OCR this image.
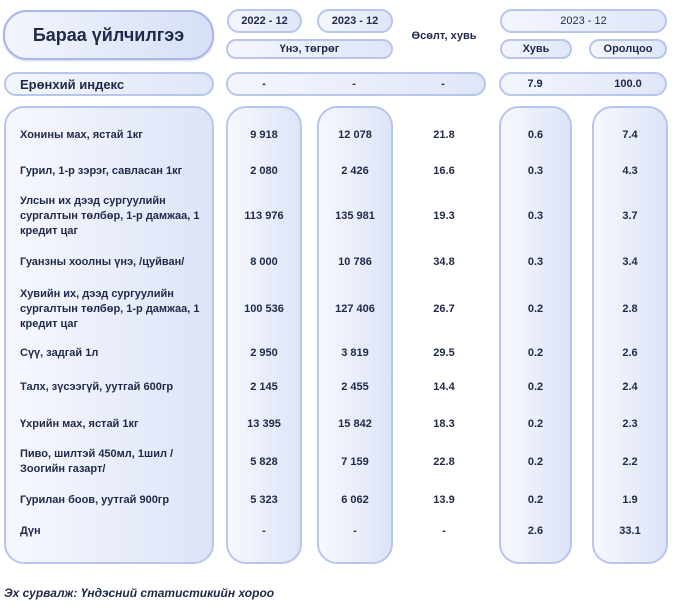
Бараа үйлчилгээ
2022 - 12	2023 - 12
Үнэ, төгрөг
Өсөлт, хувь
2023 - 12
Хувь	Оролцоо
Ерөнхий индекс	-	-	-	7.9	100.0
Хонины мах, ястай 1кг	9 918	12 078	21.8	0.6	7.4
Гурил, 1-р зэрэг, савласан 1кг	2 080	2 426	16.6	0.3	4.3
Улсын их дээд сургуулийн сургалтын төлбөр, 1-р дамжаа, 1 кредит цаг
113 976	135 981	19.3	0.3	3.7
Гуанзны хоолны үнэ, /цуйван/	8 000	10 786	34.8	0.3	3.4
Хувийн их, дээд сургуулийн сургалтын төлбөр, 1-р дамжаа, 1 кредит цаг
100 536	127 406	26.7	0.2	2.8
Сүү, задгай 1л	2 950	3 819	29.5	0.2	2.6
Талх, зүсээгүй, уутгай 600гр	2 145	2 455	14.4	0.2	2.4
Үхрийн мах, ястай 1кг	13 395	15 842	18.3	0.2	2.3
Пиво, шилтэй 450мл, 1шил / Зоогийн газарт/
5 828	7 159	22.8	0.2	2.2
Гурилан боов, уутгай 900гр	5 323	6 062	13.9	0.2	1.9
Дүн	-	-	-	2.6	33.1
Эх сурвалж: Үндэсний статистикийн хороо
